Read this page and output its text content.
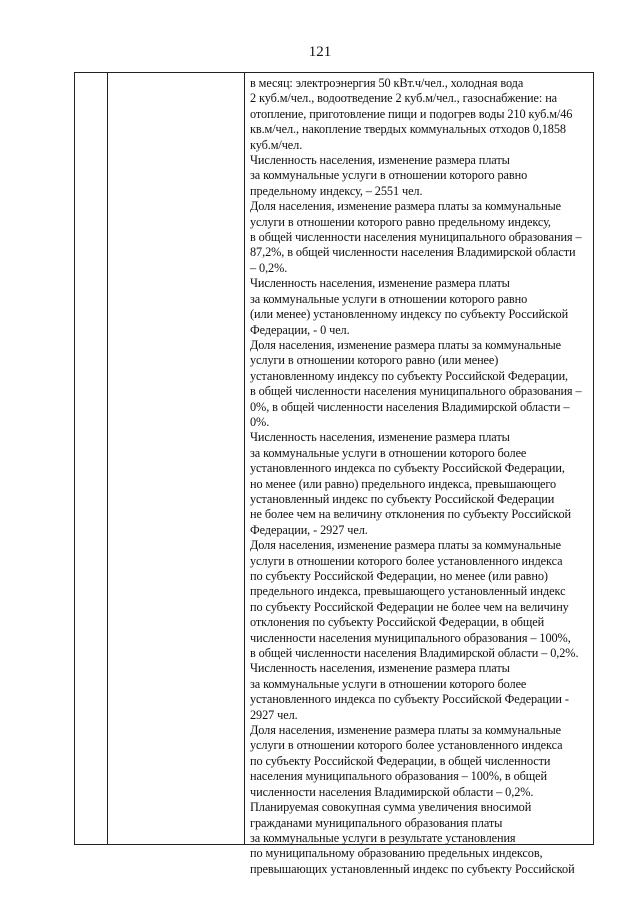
121
в месяц: электроэнергия 50 кВт.ч/чел., холодная вода
2 куб.м/чел., водоотведение 2 куб.м/чел., газоснабжение: на
отопление, приготовление пищи и подогрев воды 210 куб.м/46
кв.м/чел., накопление твердых коммунальных отходов 0,1858
куб.м/чел.
Численность населения, изменение размера платы
за коммунальные услуги в отношении которого равно
предельному индексу, – 2551 чел.
Доля населения, изменение размера платы за коммунальные
услуги в отношении которого равно предельному индексу,
в общей численности населения муниципального образования –
87,2%, в общей численности населения Владимирской области
– 0,2%.
Численность населения, изменение размера платы
за коммунальные услуги в отношении которого равно
(или менее) установленному индексу по субъекту Российской
Федерации, - 0 чел.
Доля населения, изменение размера платы за коммунальные
услуги в отношении которого равно (или менее)
установленному индексу по субъекту Российской Федерации,
в общей численности населения муниципального образования –
0%, в общей численности населения Владимирской области –
0%.
Численность населения, изменение размера платы
за коммунальные услуги в отношении которого более
установленного индекса по субъекту Российской Федерации,
но менее (или равно) предельного индекса, превышающего
установленный индекс по субъекту Российской Федерации
не более чем на величину отклонения по субъекту Российской
Федерации, - 2927 чел.
Доля населения, изменение размера платы за коммунальные
услуги в отношении которого более установленного индекса
по субъекту Российской Федерации, но менее (или равно)
предельного индекса, превышающего установленный индекс
по субъекту Российской Федерации не более чем на величину
отклонения по субъекту Российской Федерации, в общей
численности населения муниципального образования – 100%,
в общей численности населения Владимирской области – 0,2%.
Численность населения, изменение размера платы
за коммунальные услуги в отношении которого более
установленного индекса по субъекту Российской Федерации -
2927 чел.
Доля населения, изменение размера платы за коммунальные
услуги в отношении которого более установленного индекса
по субъекту Российской Федерации, в общей численности
населения муниципального образования – 100%, в общей
численности населения Владимирской области – 0,2%.
Планируемая совокупная сумма увеличения вносимой
гражданами муниципального образования платы
за коммунальные услуги в результате установления
по муниципальному образованию предельных индексов,
превышающих установленный индекс по субъекту Российской
